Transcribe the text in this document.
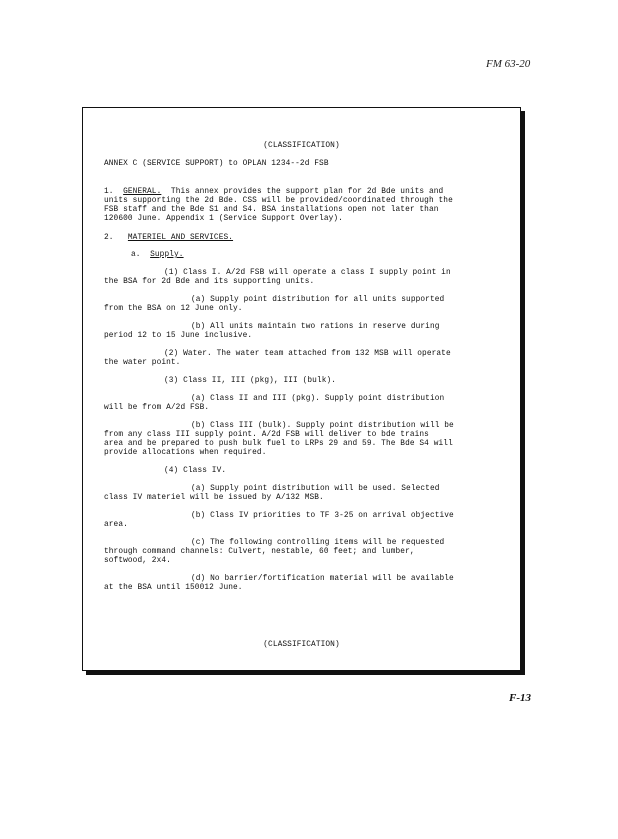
FM 63-20
(CLASSIFICATION)
ANNEX C (SERVICE SUPPORT) to OPLAN 1234--2d FSB
1. GENERAL. This annex provides the support plan for 2d Bde units and
units supporting the 2d Bde. CSS will be provided/coordinated through the
FSB staff and the Bde S1 and S4. BSA installations open not later than
120600 June. Appendix 1 (Service Support Overlay).
2. MATERIEL AND SERVICES.
a. Supply.
(1) Class I. A/2d FSB will operate a class I supply point in
the BSA for 2d Bde and its supporting units.
(a) Supply point distribution for all units supported
from the BSA on 12 June only.
(b) All units maintain two rations in reserve during
period 12 to 15 June inclusive.
(2) Water. The water team attached from 132 MSB will operate
the water point.
(3) Class II, III (pkg), III (bulk).
(a) Class II and III (pkg). Supply point distribution
will be from A/2d FSB.
(b) Class III (bulk). Supply point distribution will be
from any class III supply point. A/2d FSB will deliver to bde trains
area and be prepared to push bulk fuel to LRPs 29 and 59. The Bde S4 will
provide allocations when required.
(4) Class IV.
(a) Supply point distribution will be used. Selected
class IV materiel will be issued by A/132 MSB.
(b) Class IV priorities to TF 3-25 on arrival objective
area.
(c) The following controlling items will be requested
through command channels: Culvert, nestable, 60 feet; and lumber,
softwood, 2x4.
(d) No barrier/fortification material will be available
at the BSA until 150012 June.
(CLASSIFICATION)
F-13
